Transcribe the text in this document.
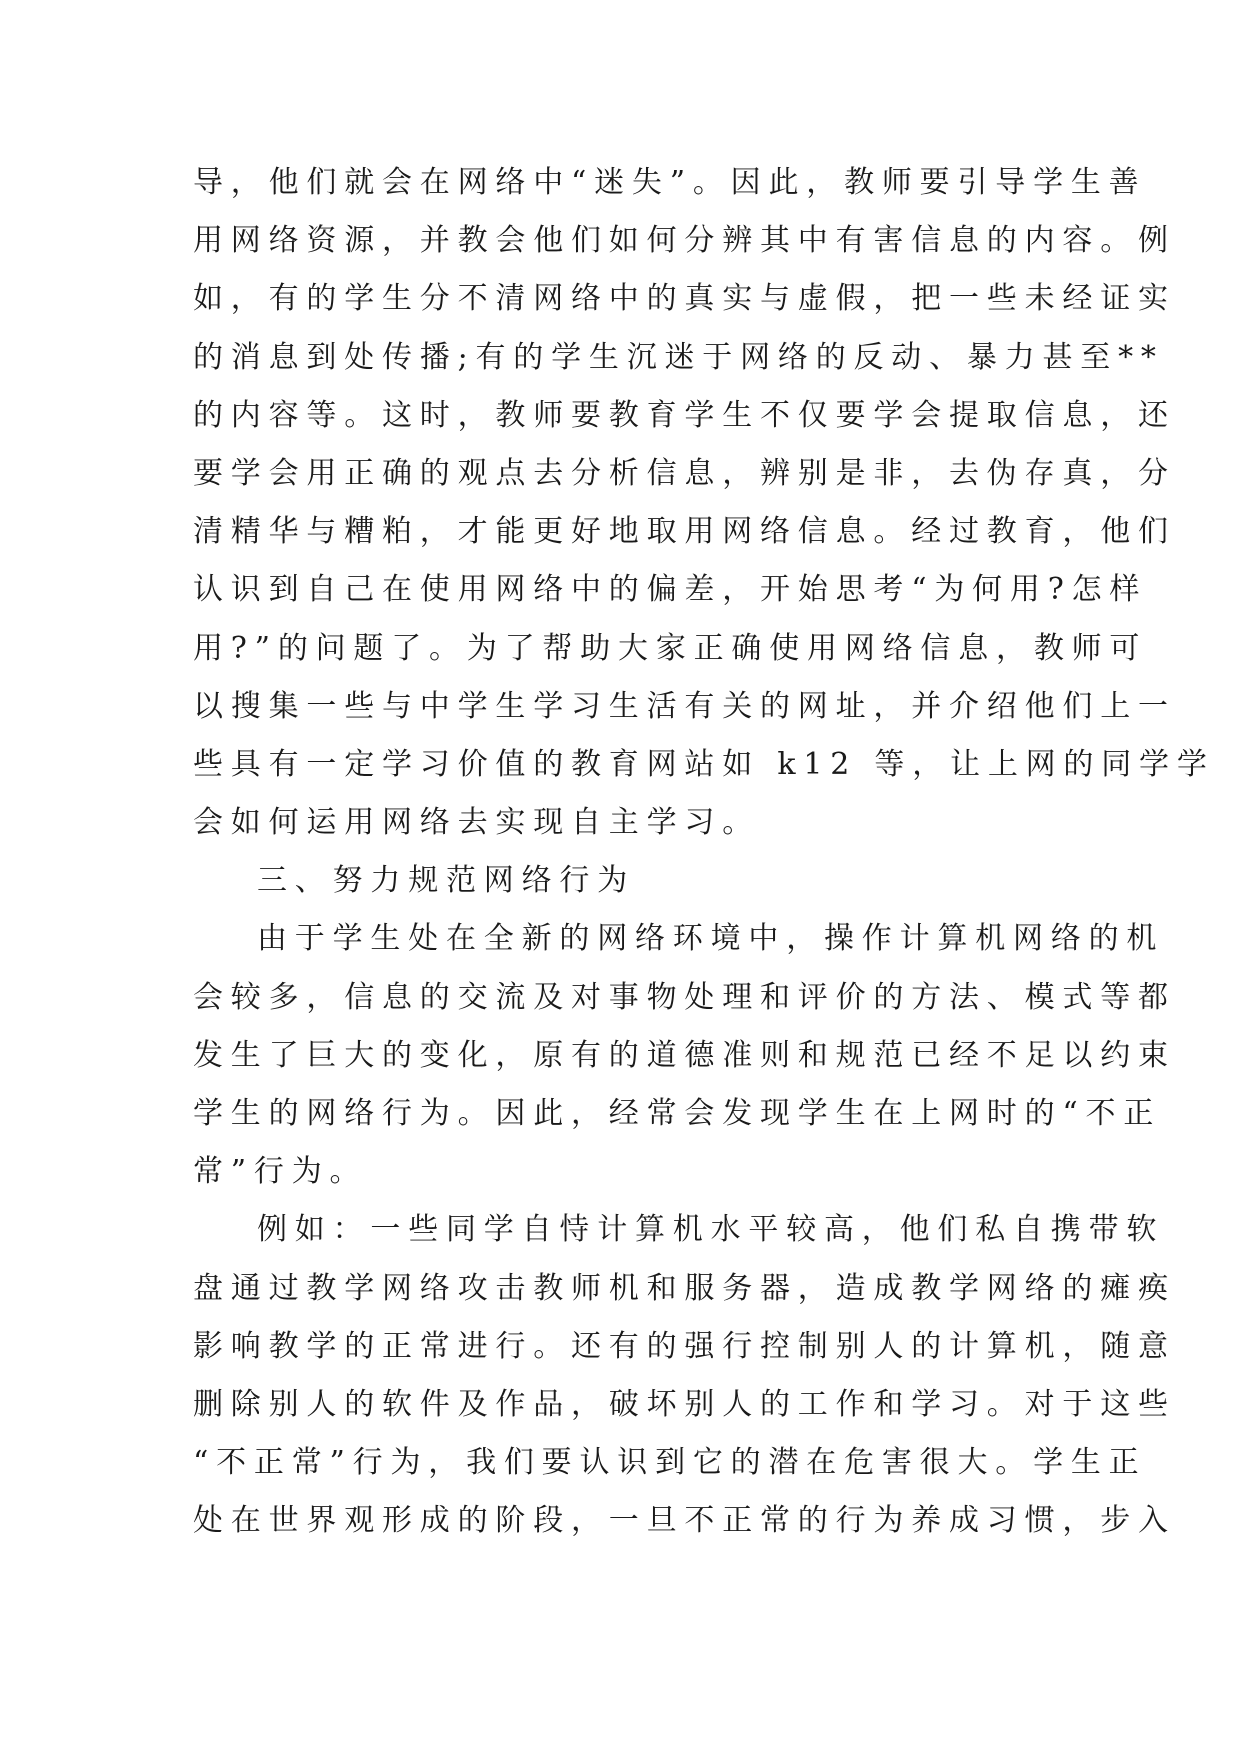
导，他们就会在网络中“迷失”。因此，教师要引导学生善

用网络资源，并教会他们如何分辨其中有害信息的内容。例

如，有的学生分不清网络中的真实与虚假，把一些未经证实

的消息到处传播;有的学生沉迷于网络的反动、暴力甚至**

的内容等。这时，教师要教育学生不仅要学会提取信息，还

要学会用正确的观点去分析信息，辨别是非，去伪存真，分

清精华与糟粕，才能更好地取用网络信息。经过教育，他们

认识到自己在使用网络中的偏差，开始思考“为何用?怎样

用?”的问题了。为了帮助大家正确使用网络信息，教师可

以搜集一些与中学生学习生活有关的网址，并介绍他们上一

些具有一定学习价值的教育网站如 k12 等，让上网的同学学

会如何运用网络去实现自主学习。

三、努力规范网络行为

由于学生处在全新的网络环境中，操作计算机网络的机

会较多，信息的交流及对事物处理和评价的方法、模式等都

发生了巨大的变化，原有的道德准则和规范已经不足以约束

学生的网络行为。因此，经常会发现学生在上网时的“不正

常”行为。

例如：一些同学自恃计算机水平较高，他们私自携带软

盘通过教学网络攻击教师机和服务器，造成教学网络的瘫痪

影响教学的正常进行。还有的强行控制别人的计算机，随意

删除别人的软件及作品，破坏别人的工作和学习。对于这些

“不正常”行为，我们要认识到它的潜在危害很大。学生正

处在世界观形成的阶段，一旦不正常的行为养成习惯，步入
